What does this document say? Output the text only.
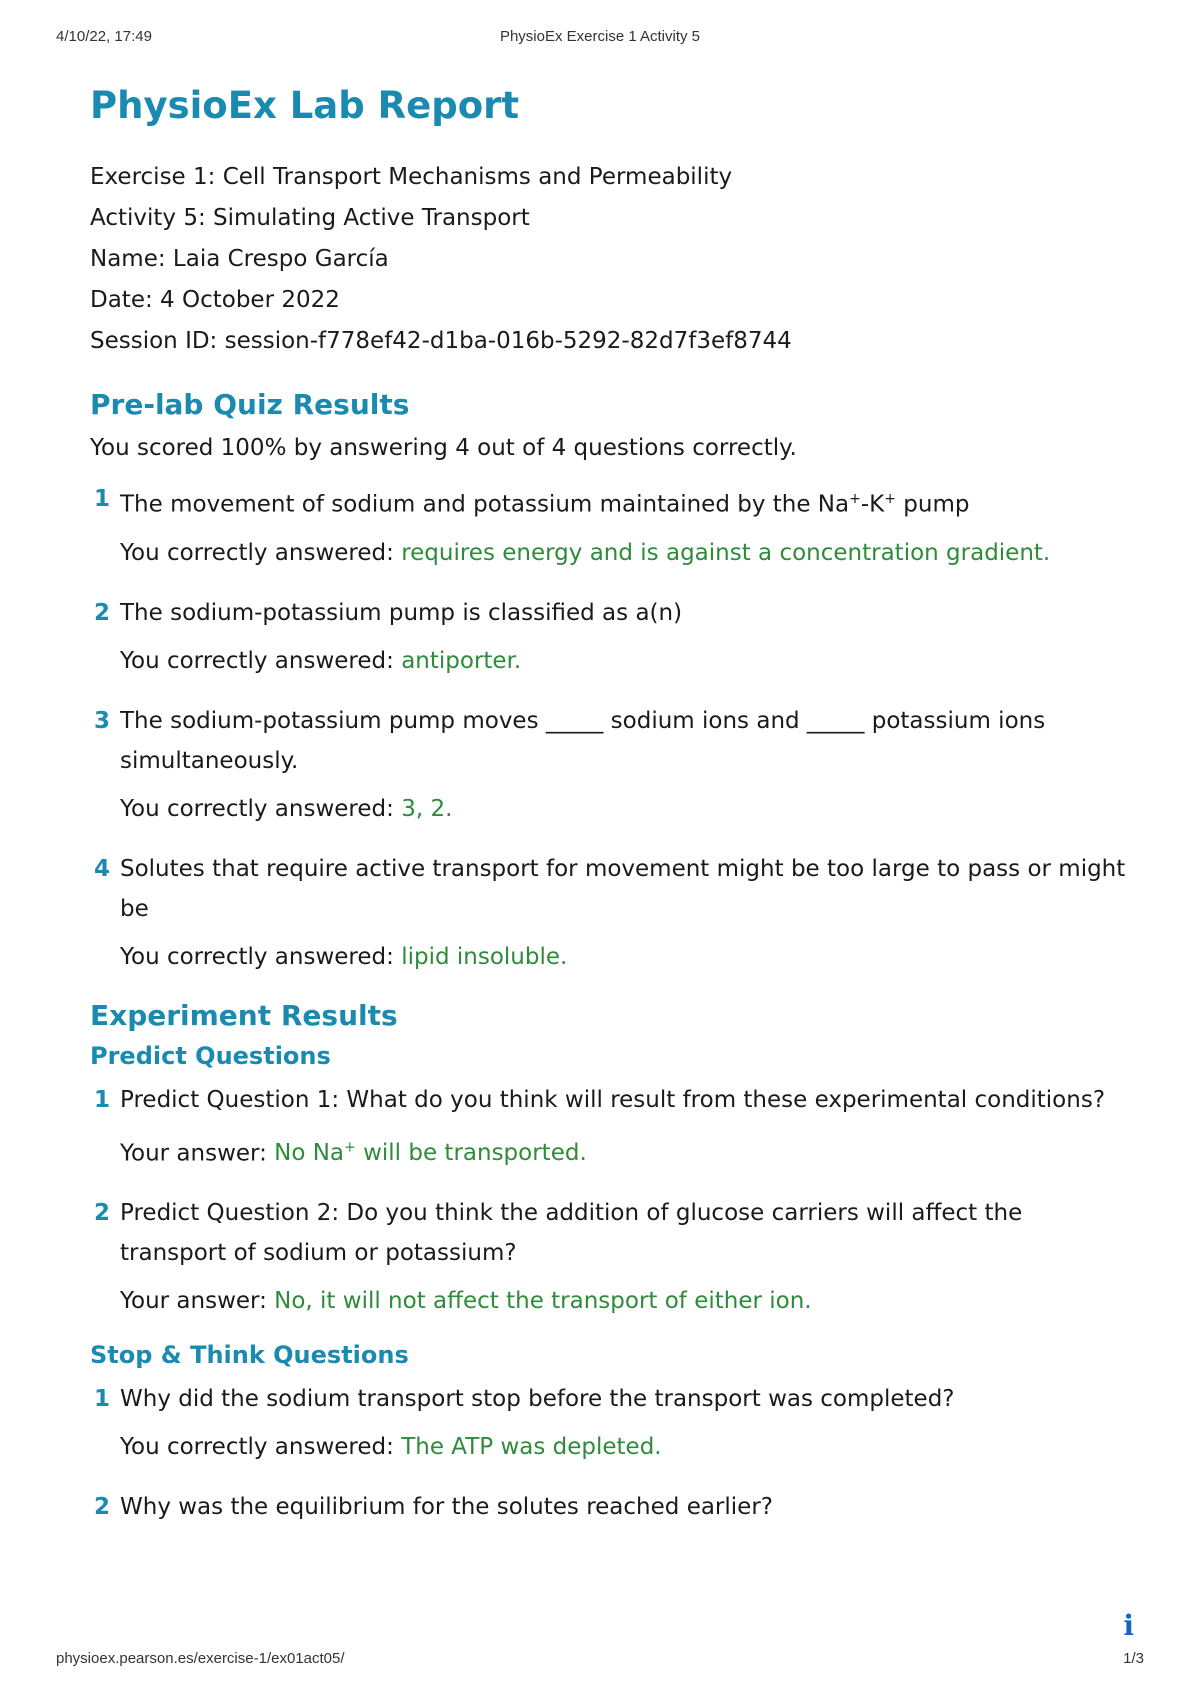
4/10/22, 17:49	PhysioEx Exercise 1 Activity 5
PhysioEx Lab Report

Exercise 1: Cell Transport Mechanisms and Permeability

Activity 5: Simulating Active Transport

Name: Laia Crespo García

Date: 4 October 2022

Session ID: session-f778ef42-d1ba-016b-5292-82d7f3ef8744

Pre-lab Quiz Results

You scored 100% by answering 4 out of 4 questions correctly.

1 The movement of sodium and potassium maintained by the Na+-K+ pump
You correctly answered: requires energy and is against a concentration gradient.
2 The sodium-potassium pump is classified as a(n)
You correctly answered: antiporter.
3 The sodium-potassium pump moves _____ sodium ions and _____ potassium ions simultaneously.
You correctly answered: 3, 2.
4 Solutes that require active transport for movement might be too large to pass or might be
You correctly answered: lipid insoluble.
Experiment Results
Predict Questions
1 Predict Question 1: What do you think will result from these experimental conditions?
Your answer: No Na+ will be transported.
2 Predict Question 2: Do you think the addition of glucose carriers will affect the transport of sodium or potassium?
Your answer: No, it will not affect the transport of either ion.
Stop & Think Questions
1 Why did the sodium transport stop before the transport was completed?
You correctly answered: The ATP was depleted.
2 Why was the equilibrium for the solutes reached earlier?
i
physioex.pearson.es/exercise-1/ex01act05/	1/3
